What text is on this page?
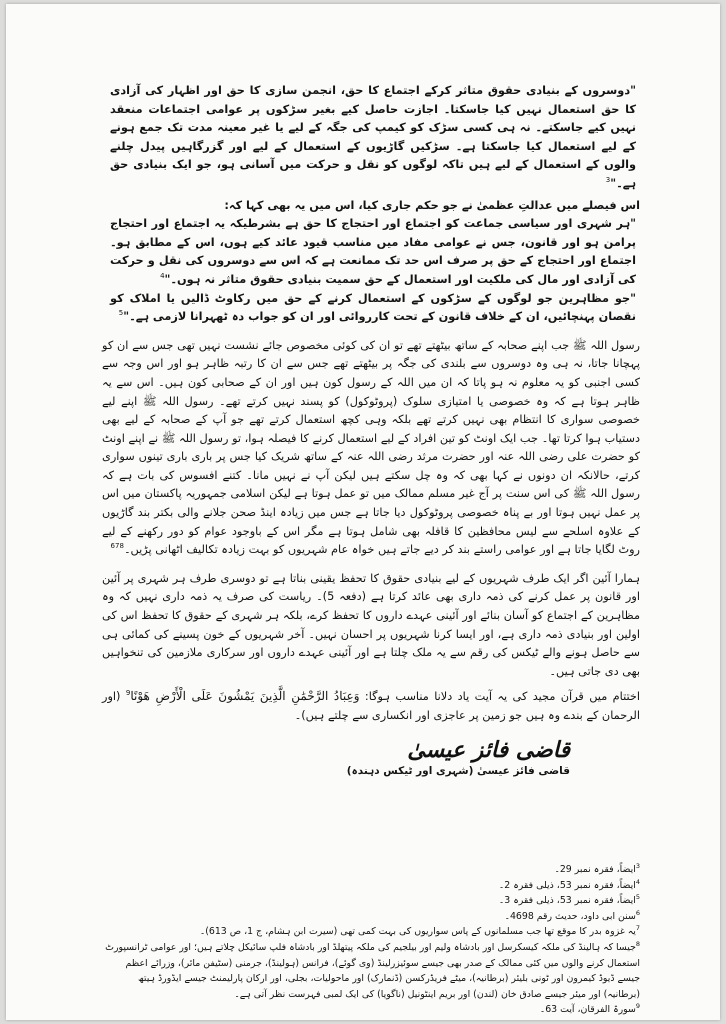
"دوسروں کے بنیادی حقوق متاثر کرکے اجتماع کا حق، انجمن سازی کا حق اور اظہار کی آزادی کا حق استعمال نہیں کیا جاسکتا۔ اجازت حاصل کیے بغیر سڑکوں پر عوامی اجتماعات منعقد نہیں کیے جاسکتے۔ نہ ہی کسی سڑک کو کیمپ کی جگہ کے لیے یا غیر معینہ مدت تک جمع ہونے کے لیے استعمال کیا جاسکتا ہے۔ سڑکیں گاڑیوں کے استعمال کے لیے اور گزرگاہیں پیدل چلنے والوں کے استعمال کے لیے ہیں تاکہ لوگوں کو نقل و حرکت میں آسانی ہو، جو ایک بنیادی حق ہے۔"$^3$

اس فیصلے میں عدالتِ عظمیٰ نے جو حکم جاری کیا، اس میں یہ بھی کہا کہ:

"ہر شہری اور سیاسی جماعت کو اجتماع اور احتجاج کا حق ہے بشرطیکہ یہ اجتماع اور احتجاج پرامن ہو اور قانون، جس نے عوامی مفاد میں مناسب قیود عائد کیے ہوں، اس کے مطابق ہو۔ اجتماع اور احتجاج کے حق پر صرف اس حد تک ممانعت ہے کہ اس سے دوسروں کی نقل و حرکت کی آزادی اور مال کی ملکیت اور استعمال کے حق سمیت بنیادی حقوق متاثر نہ ہوں۔"$^4$

"جو مظاہرین جو لوگوں کے سڑکوں کے استعمال کرنے کے حق میں رکاوٹ ڈالیں یا املاک کو نقصان پہنچائیں، ان کے خلاف قانون کے تحت کارروائی اور ان کو جواب دہ ٹھہرانا لازمی ہے۔"$^5$

رسول اللہ ﷺ جب اپنے صحابہ کے ساتھ بیٹھتے تھے تو ان کی کوئی مخصوص جائے نشست نہیں تھی جس سے ان کو پہچانا جاتا، نہ ہی وہ دوسروں سے بلندی کی جگہ پر بیٹھتے تھے جس سے ان کا رتبہ ظاہر ہو اور اس وجہ سے کسی اجنبی کو یہ معلوم نہ ہو پاتا کہ ان میں اللہ کے رسول کون ہیں اور ان کے صحابی کون ہیں۔ اس سے یہ ظاہر ہوتا ہے کہ وہ خصوصی یا امتیازی سلوک (پروٹوکول) کو پسند نہیں کرتے تھے۔ رسول اللہ ﷺ اپنے لیے خصوصی سواری کا انتظام بھی نہیں کرتے تھے بلکہ وہی کچھ استعمال کرتے تھے جو آپ کے صحابہ کے لیے بھی دستیاب ہوا کرتا تھا۔ جب ایک اونٹ کو تین افراد کے لیے استعمال کرنے کا فیصلہ ہوا، تو رسول اللہ ﷺ نے اپنے اونٹ کو حضرت علی رضی اللہ عنہ اور حضرت مرثد رضی اللہ عنہ کے ساتھ شریک کیا جس پر باری باری تینوں سواری کرتے، حالانکہ ان دونوں نے کہا بھی کہ وہ چل سکتے ہیں لیکن آپ نے نہیں مانا۔ کتنے افسوس کی بات ہے کہ رسول اللہ ﷺ کی اس سنت پر آج غیر مسلم ممالک میں تو عمل ہوتا ہے لیکن اسلامی جمہوریہ پاکستان میں اس پر عمل نہیں ہوتا اور بے پناہ خصوصی پروٹوکول دیا جاتا ہے جس میں زیادہ اینڈ صحن جلانے والی بکتر بند گاڑیوں کے علاوہ اسلحے سے لیس محافظین کا قافلہ بھی شامل ہوتا ہے مگر اس کے باوجود عوام کو دور رکھنے کے لیے روٹ لگایا جاتا ہے اور عوامی راستے بند کر دیے جاتے ہیں خواہ عام شہریوں کو بہت زیادہ تکالیف اٹھانی پڑیں۔$^{678}$

ہمارا آئین اگر ایک طرف شہریوں کے لیے بنیادی حقوق کا تحفظ یقینی بناتا ہے تو دوسری طرف ہر شہری پر آئین اور قانون پر عمل کرنے کی ذمہ داری بھی عائد کرتا ہے (دفعہ 5)۔ ریاست کی صرف یہ ذمہ داری نہیں کہ وہ مظاہرین کے اجتماع کو آسان بنائے اور آئینی عہدے داروں کا تحفظ کرے، بلکہ ہر شہری کے حقوق کا تحفظ اس کی اولین اور بنیادی ذمہ داری ہے، اور ایسا کرنا شہریوں پر احسان نہیں۔ آخر شہریوں کے خون پسینے کی کمائی ہی سے حاصل ہونے والے ٹیکس کی رقم سے یہ ملک چلتا ہے اور آئینی عہدے داروں اور سرکاری ملازمین کی تنخواہیں بھی دی جاتی ہیں۔

اختتام میں قرآن مجید کی یہ آیت یاد دلانا مناسب ہوگا: وَعِبَادُ الرَّحْمَٰنِ الَّذِينَ يَمْشُونَ عَلَى الْأَرْضِ هَوْنًا$^9$ (اور الرحمان کے بندے وہ ہیں جو زمین پر عاجزی اور انکساری سے چلتے ہیں)۔

قاضی فائز عیسیٰ
قاضی فائز عیسیٰ (شہری اور ٹیکس دہندہ)

$^3$ایضاً، فقرہ نمبر 29۔

$^4$ایضاً، فقرہ نمبر 53، ذیلی فقرہ 2۔

$^5$ایضاً، فقرہ نمبر 53، ذیلی فقرہ 3۔

$^6$سنن ابی داود، حدیث رقم 4698۔

$^7$یہ غزوہ بدر کا موقع تھا جب مسلمانوں کے پاس سواریوں کی بہت کمی تھی (سیرت ابن ہشام، ج 1، ص 613)۔

$^8$جیسا کہ ہالینڈ کی ملکہ کیسکرسل اور بادشاہ ولیم اور بیلجیم کی ملکہ پیتھلڈ اور بادشاہ فلپ سائیکل چلاتے ہیں؛ اور عوامی ٹرانسپورٹ استعمال کرنے والوں میں کئی ممالک کے صدر بھی جیسے سوئیزرلینڈ (وی گوئے)، فرانس (ہولینڈ)، جرمنی (سٹیفن مائر)، وزرائے اعظم جیسے ڈیوڈ کیمرون اور ٹونی بلیئر (برطانیہ)، میٹے فریڈرکسن (ڈنمارک) اور ماحولیات، بجلی، اور ارکان پارلیمنٹ جیسے ایڈورڈ ہیتھ (برطانیہ) اور میئر جیسے صادق خان (لندن) اور بریم اینٹونیل (ناگویا) کی ایک لمبی فہرست نظر آتی ہے۔

$^9$سورۃ الفرقان، آیت 63۔
